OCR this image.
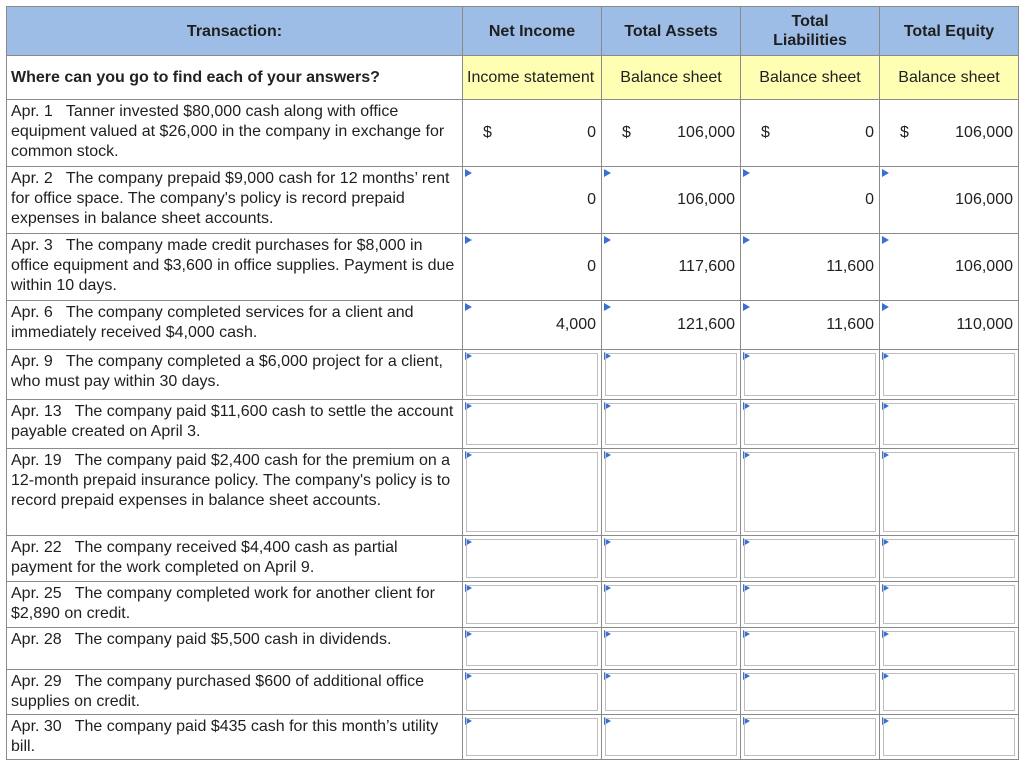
Transaction:	Net Income	Total Assets	Total Liabilities	Total Equity
Where can you go to find each of your answers?	Income statement	Balance sheet	Balance sheet	Balance sheet
Apr. 1   Tanner invested $80,000 cash along with office equipment valued at $26,000 in the company in exchange for common stock.	$ 0	$ 106,000	$ 0	$ 106,000

Apr. 2   The company prepaid $9,000 cash for 12 months’ rent for office space. The company's policy is record prepaid expenses in balance sheet accounts.	0	106,000	0	106,000

Apr. 3   The company made credit purchases for $8,000 in office equipment and $3,600 in office supplies. Payment is due within 10 days.	0	117,600	11,600	106,000

Apr. 6   The company completed services for a client and immediately received $4,000 cash.	4,000	121,600	11,600	110,000

Apr. 9   The company completed a $6,000 project for a client, who must pay within 30 days.	

Apr. 13   The company paid $11,600 cash to settle the account payable created on April 3.	

Apr. 19   The company paid $2,400 cash for the premium on a 12-month prepaid insurance policy. The company's policy is to record prepaid expenses in balance sheet accounts.	

Apr. 22   The company received $4,400 cash as partial payment for the work completed on April 9.	

Apr. 25   The company completed work for another client for $2,890 on credit.	

Apr. 28   The company paid $5,500 cash in dividends.	

Apr. 29   The company purchased $600 of additional office supplies on credit.	

Apr. 30   The company paid $435 cash for this month’s utility bill.	
